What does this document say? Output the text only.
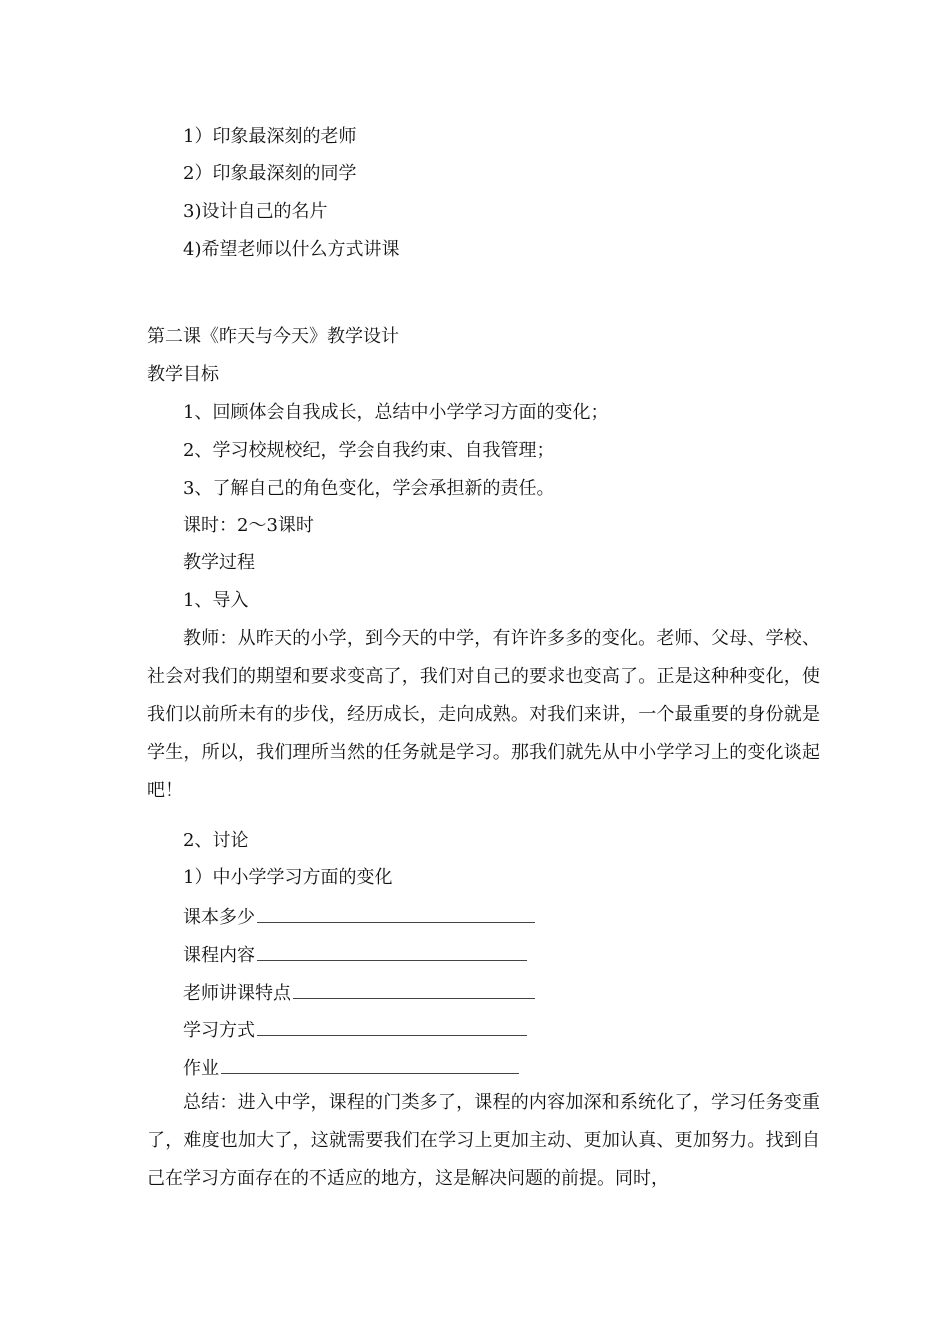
1）印象最深刻的老师
2）印象最深刻的同学
3)设计自己的名片
4)希望老师以什么方式讲课
第二课《昨天与今天》教学设计
教学目标
1、回顾体会自我成长，总结中小学学习方面的变化；
2、学习校规校纪，学会自我约束、自我管理；
3、了解自己的角色变化，学会承担新的责任。
课时：2～3课时
教学过程
1、导入
教师：从昨天的小学，到今天的中学，有许许多多的变化。老师、父母、学校、社会对我们的期望和要求变高了，我们对自己的要求也变高了。正是这种种变化，使我们以前所未有的步伐，经历成长，走向成熟。对我们来讲，一个最重要的身份就是学生，所以，我们理所当然的任务就是学习。那我们就先从中小学学习上的变化谈起吧！
2、讨论
1）中小学学习方面的变化
课本多少
课程内容
老师讲课特点
学习方式
作业
总结：进入中学，课程的门类多了，课程的内容加深和系统化了，学习任务变重了，难度也加大了，这就需要我们在学习上更加主动、更加认真、更加努力。找到自己在学习方面存在的不适应的地方，这是解决问题的前提。同时，
